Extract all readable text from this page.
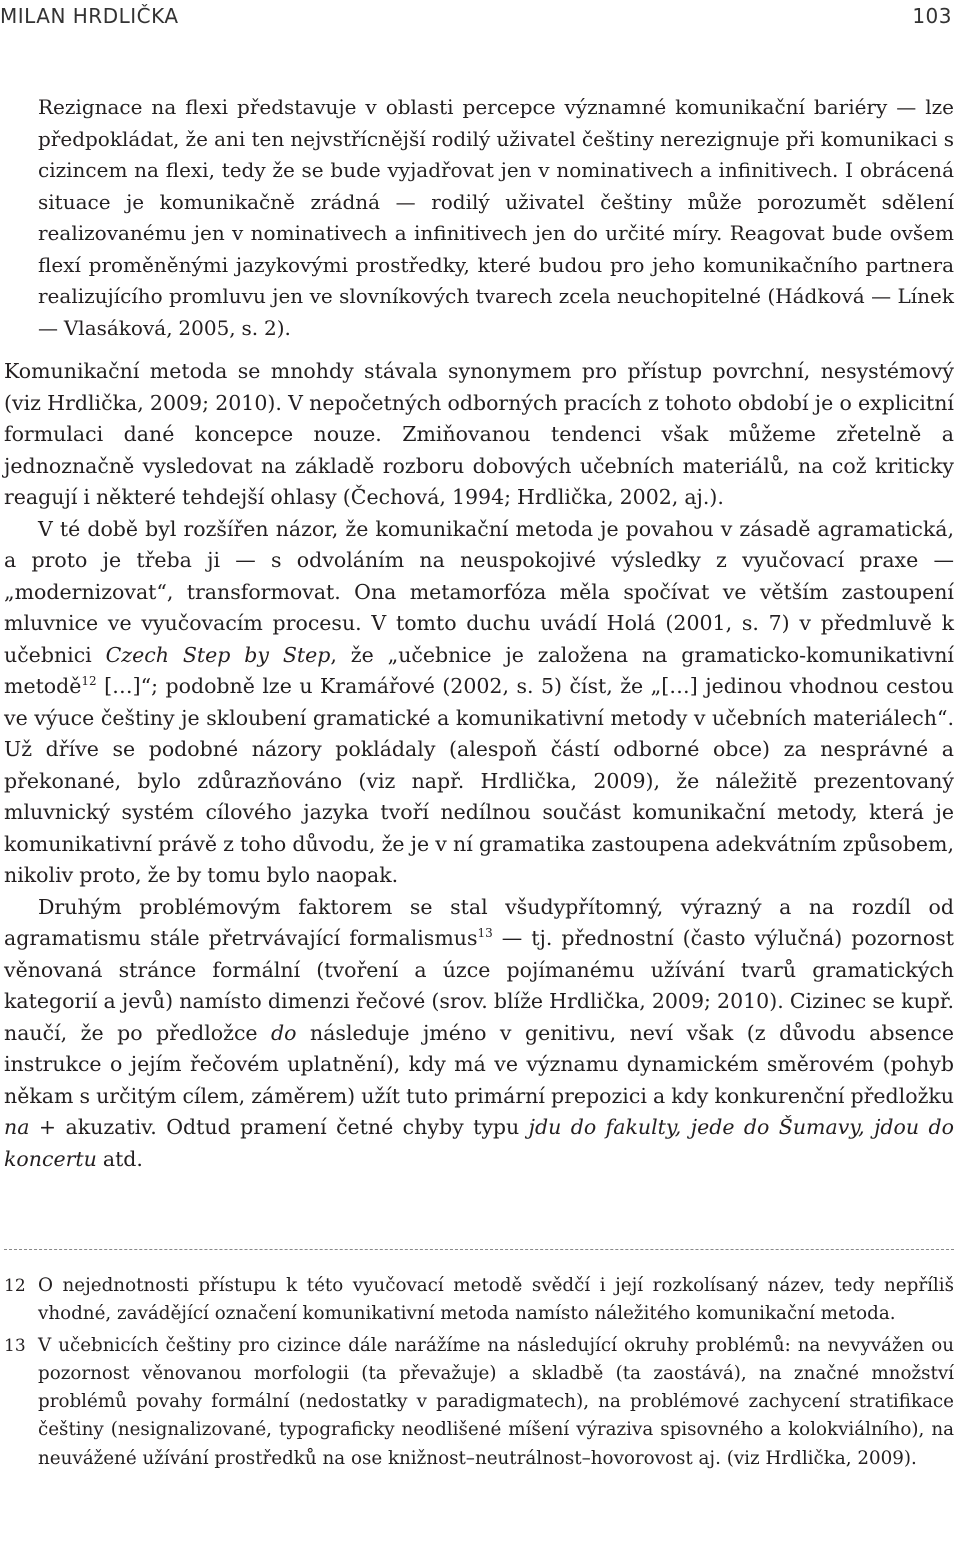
MILAN HRDLIČKA	103

Rezignace na flexi představuje v oblasti percepce významné komunikační bariéry — lze předpokládat, že ani ten nejvstřícnější rodilý uživatel češtiny nerezignuje při komunikaci s cizincem na flexi, tedy že se bude vyjadřovat jen v nominativech a infinitivech. I obrácená situace je komunikačně zrádná — rodilý uživatel češtiny může porozumět sdělení realizovanému jen v nominativech a infinitivech jen do určité míry. Reagovat bude ovšem flexí proměněnými jazykovými prostředky, které budou pro jeho komunikačního partnera realizujícího promluvu jen ve slovníkových tvarech zcela neuchopitelné (Hádková — Línek — Vlasáková, 2005, s. 2).

Komunikační metoda se mnohdy stávala synonymem pro přístup povrchní, nesystémový (viz Hrdlička, 2009; 2010). V nepočetných odborných pracích z tohoto období je o explicitní formulaci dané koncepce nouze. Zmiňovanou tendenci však můžeme zřetelně a jednoznačně vysledovat na základě rozboru dobových učebních materiálů, na což kriticky reagují i některé tehdejší ohlasy (Čechová, 1994; Hrdlička, 2002, aj.).

V té době byl rozšířen názor, že komunikační metoda je povahou v zásadě agramatická, a proto je třeba ji — s odvoláním na neuspokojivé výsledky z vyučovací praxe — „modernizovat“, transformovat. Ona metamorfóza měla spočívat ve větším zastoupení mluvnice ve vyučovacím procesu. V tomto duchu uvádí Holá (2001, s. 7) v předmluvě k učebnici Czech Step by Step, že „učebnice je založena na gramaticko-komunikativní metodě$^{12}$ […]“; podobně lze u Kramářové (2002, s. 5) číst, že „[…] jedinou vhodnou cestou ve výuce češtiny je skloubení gramatické a komunikativní metody v učebních materiálech“. Už dříve se podobné názory pokládaly (alespoň částí odborné obce) za nesprávné a překonané, bylo zdůrazňováno (viz např. Hrdlička, 2009), že náležitě prezentovaný mluvnický systém cílového jazyka tvoří nedílnou součást komunikační metody, která je komunikativní právě z toho důvodu, že je v ní gramatika zastoupena adekvátním způsobem, nikoliv proto, že by tomu bylo naopak.

Druhým problémovým faktorem se stal všudypřítomný, výrazný a na rozdíl od agramatismu stále přetrvávající formalismus$^{13}$ — tj. přednostní (často výlučná) pozornost věnovaná stránce formální (tvoření a úzce pojímanému užívání tvarů gramatických kategorií a jevů) namísto dimenzi řečové (srov. blíže Hrdlička, 2009; 2010). Cizinec se kupř. naučí, že po předložce do následuje jméno v genitivu, neví však (z důvodu absence instrukce o jejím řečovém uplatnění), kdy má ve významu dynamickém směrovém (pohyb někam s určitým cílem, záměrem) užít tuto primární prepozici a kdy konkurenční předložku na + akuzativ. Odtud pramení četné chyby typu jdu do fakulty, jede do Šumavy, jdou do koncertu atd.

12 O nejednotnosti přístupu k této vyučovací metodě svědčí i její rozkolísaný název, tedy nepříliš vhodné, zavádějící označení komunikativní metoda namísto náležitého komunikační metoda.

13 V učebnicích češtiny pro cizince dále narážíme na následující okruhy problémů: na nevyvážen ou pozornost věnovanou morfologii (ta převažuje) a skladbě (ta zaostává), na značné množství problémů povahy formální (nedostatky v paradigmatech), na problémové zachycení stratifikace češtiny (nesignalizované, typograficky neodlišené míšení výraziva spisovného a kolokviálního), na neuvážené užívání prostředků na ose knižnost–neutrálnost–hovorovost aj. (viz Hrdlička, 2009).
